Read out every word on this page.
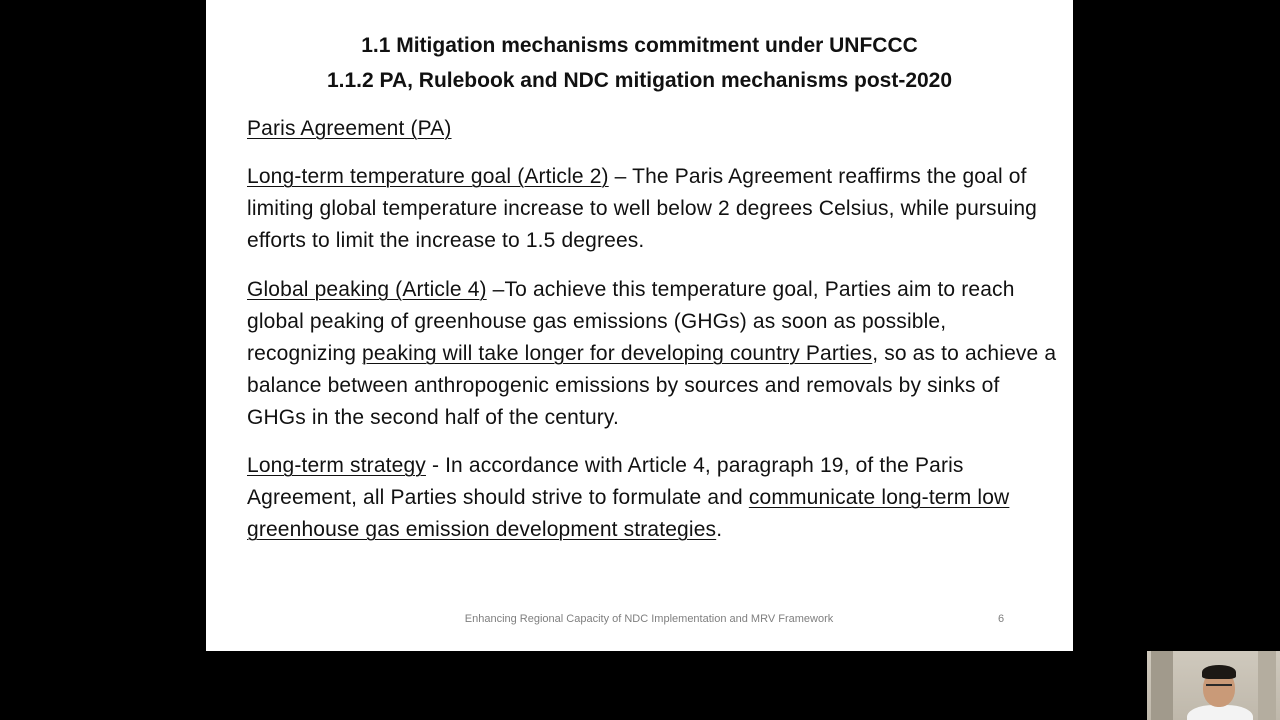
1.1 Mitigation mechanisms commitment under UNFCCC
1.1.2 PA, Rulebook and NDC mitigation mechanisms post-2020
Paris Agreement (PA)
Long-term temperature goal (Article 2) – The Paris Agreement reaffirms the goal of limiting global temperature increase to well below 2 degrees Celsius, while pursuing efforts to limit the increase to 1.5 degrees.
Global peaking (Article 4) –To achieve this temperature goal, Parties aim to reach global peaking of greenhouse gas emissions (GHGs) as soon as possible, recognizing peaking will take longer for developing country Parties, so as to achieve a balance between anthropogenic emissions by sources and removals by sinks of GHGs in the second half of the century.
Long-term strategy - In accordance with Article 4, paragraph 19, of the Paris Agreement, all Parties should strive to formulate and communicate long-term low greenhouse gas emission development strategies.
Enhancing Regional Capacity of NDC Implementation and MRV Framework	6
